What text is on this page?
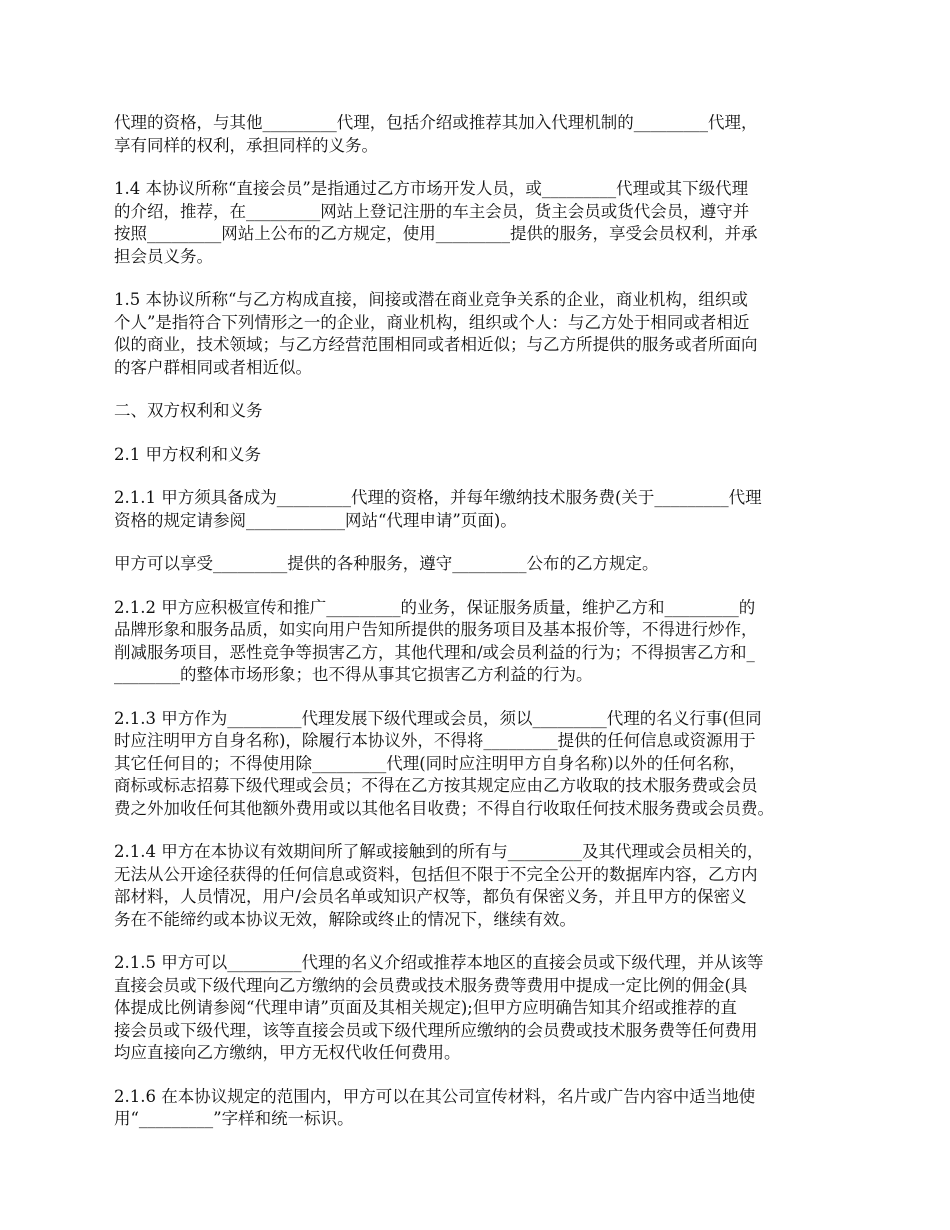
代理的资格，与其他_________代理，包括介绍或推荐其加入代理机制的_________代理，
享有同样的权利，承担同样的义务。

1.4 本协议所称“直接会员”是指通过乙方市场开发人员，或_________代理或其下级代理
的介绍，推荐，在_________网站上登记注册的车主会员，货主会员或货代会员，遵守并
按照_________网站上公布的乙方规定，使用_________提供的服务，享受会员权利，并承
担会员义务。

1.5 本协议所称“与乙方构成直接，间接或潜在商业竞争关系的企业，商业机构，组织或
个人”是指符合下列情形之一的企业，商业机构，组织或个人：与乙方处于相同或者相近
似的商业，技术领域；与乙方经营范围相同或者相近似；与乙方所提供的服务或者所面向
的客户群相同或者相近似。

二、双方权利和义务

2.1 甲方权利和义务

2.1.1 甲方须具备成为_________代理的资格，并每年缴纳技术服务费(关于_________代理
资格的规定请参阅____________网站“代理申请”页面)。

甲方可以享受_________提供的各种服务，遵守_________公布的乙方规定。

2.1.2 甲方应积极宣传和推广_________的业务，保证服务质量，维护乙方和_________的
品牌形象和服务品质，如实向用户告知所提供的服务项目及基本报价等，不得进行炒作，
削减服务项目，恶性竞争等损害乙方，其他代理和/或会员利益的行为；不得损害乙方和_
________的整体市场形象；也不得从事其它损害乙方利益的行为。

2.1.3 甲方作为_________代理发展下级代理或会员，须以_________代理的名义行事(但同
时应注明甲方自身名称)，除履行本协议外，不得将_________提供的任何信息或资源用于
其它任何目的；不得使用除_________代理(同时应注明甲方自身名称)以外的任何名称，
商标或标志招募下级代理或会员；不得在乙方按其规定应由乙方收取的技术服务费或会员
费之外加收任何其他额外费用或以其他名目收费；不得自行收取任何技术服务费或会员费。

2.1.4 甲方在本协议有效期间所了解或接触到的所有与_________及其代理或会员相关的，
无法从公开途径获得的任何信息或资料，包括但不限于不完全公开的数据库内容，乙方内
部材料，人员情况，用户/会员名单或知识产权等，都负有保密义务，并且甲方的保密义
务在不能缔约或本协议无效，解除或终止的情况下，继续有效。

2.1.5 甲方可以_________代理的名义介绍或推荐本地区的直接会员或下级代理，并从该等
直接会员或下级代理向乙方缴纳的会员费或技术服务费等费用中提成一定比例的佣金(具
体提成比例请参阅“代理申请”页面及其相关规定);但甲方应明确告知其介绍或推荐的直
接会员或下级代理，该等直接会员或下级代理所应缴纳的会员费或技术服务费等任何费用
均应直接向乙方缴纳，甲方无权代收任何费用。

2.1.6 在本协议规定的范围内，甲方可以在其公司宣传材料，名片或广告内容中适当地使
用“_________”字样和统一标识。
